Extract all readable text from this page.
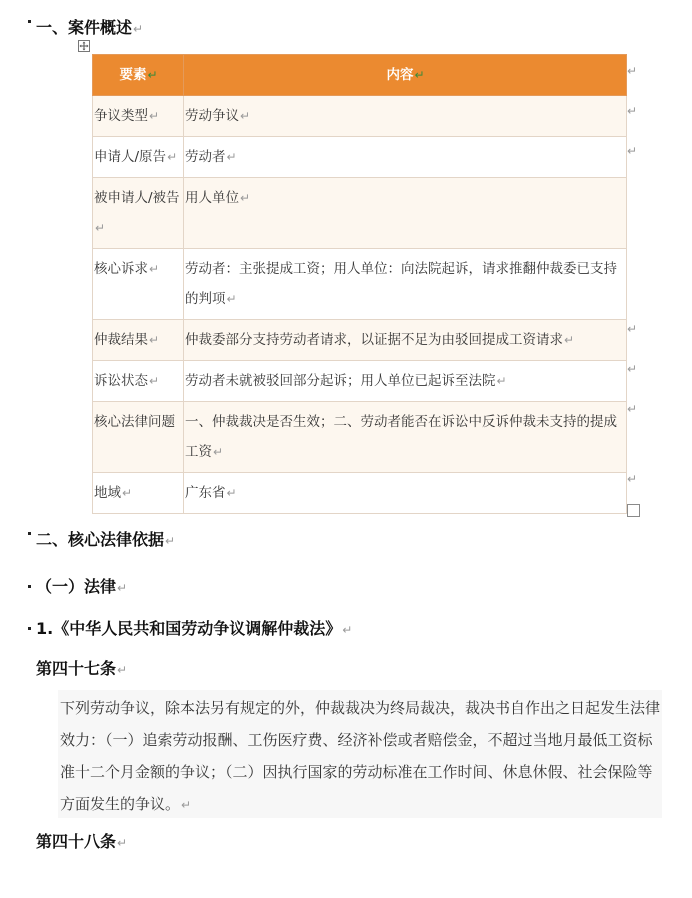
一、案件概述↵
要素↵	内容↵

争议类型↵	劳动争议↵

申请人/原告↵	劳动者↵

被申请人/被告↵	用人单位↵

核心诉求↵	劳动者：主张提成工资；用人单位：向法院起诉，请求推翻仲裁委已支持的判项↵

仲裁结果↵	仲裁委部分支持劳动者请求，以证据不足为由驳回提成工资请求↵

诉讼状态↵	劳动者未就被驳回部分起诉；用人单位已起诉至法院↵

核心法律问题	一、仲裁裁决是否生效；二、劳动者能否在诉讼中反诉仲裁未支持的提成工资↵

地域↵	广东省↵
↵
↵
↵
↵
↵
↵
↵
二、核心法律依据↵
（一）法律↵
1.《中华人民共和国劳动争议调解仲裁法》↵
第四十七条↵
下列劳动争议，除本法另有规定的外，仲裁裁决为终局裁决，裁决书自作出之日起发生法律效力：（一）追索劳动报酬、工伤医疗费、经济补偿或者赔偿金，不超过当地月最低工资标准十二个月金额的争议；（二）因执行国家的劳动标准在工作时间、休息休假、社会保险等方面发生的争议。↵
第四十八条↵
